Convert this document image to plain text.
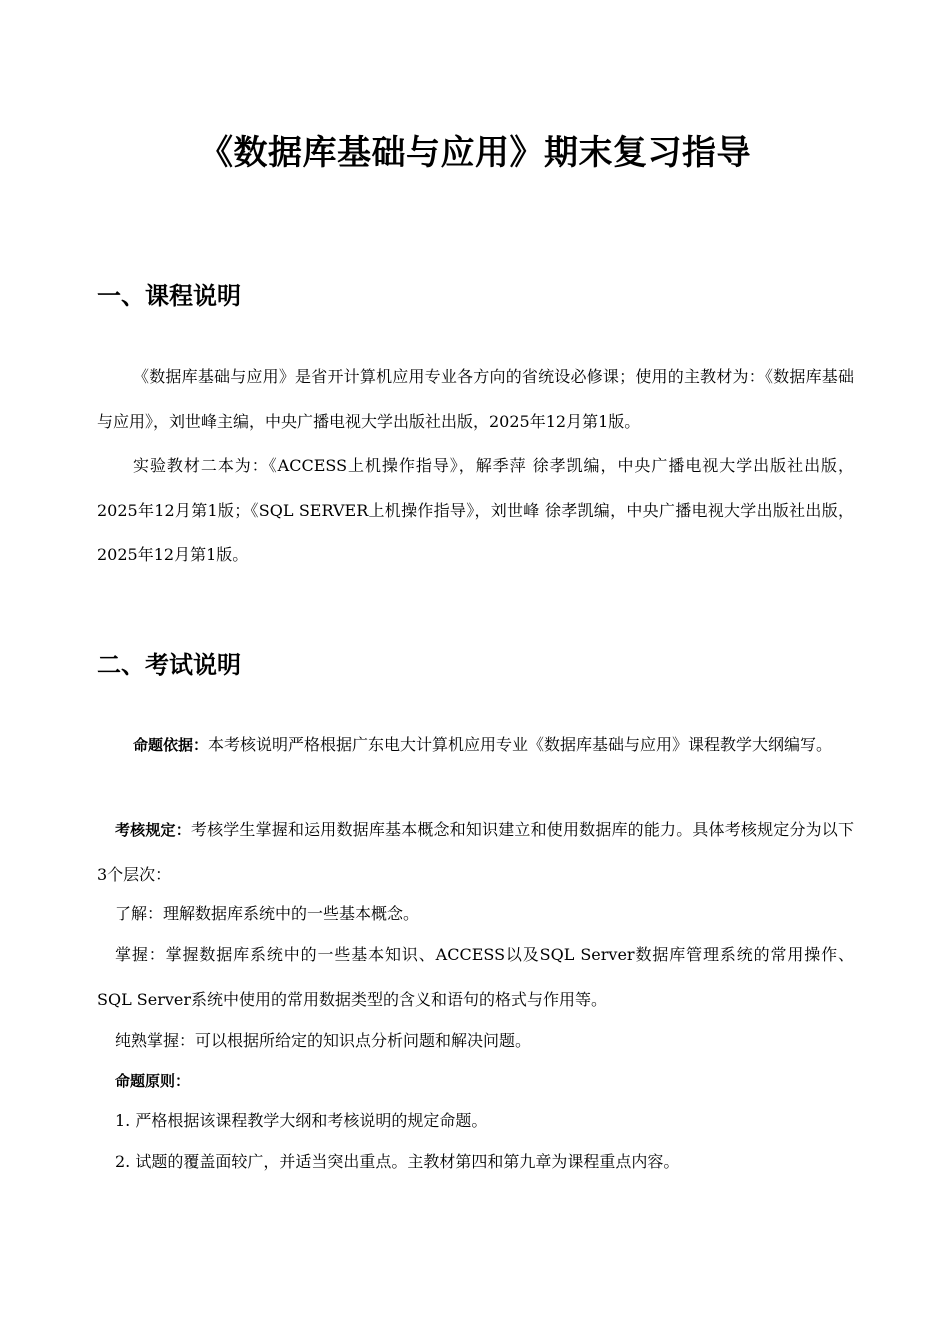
《数据库基础与应用》期末复习指导
一、课程说明

《数据库基础与应用》是省开计算机应用专业各方向的省统设必修课；使用的主教材为：《数据库基础与应用》，刘世峰主编，中央广播电视大学出版社出版，2025年12月第1版。

实验教材二本为：《ACCESS上机操作指导》，解季萍 徐孝凯编，中央广播电视大学出版社出版，2025年12月第1版；《SQL SERVER上机操作指导》，刘世峰 徐孝凯编，中央广播电视大学出版社出版，2025年12月第1版。

二、考试说明

命题依据：本考核说明严格根据广东电大计算机应用专业《数据库基础与应用》课程教学大纲编写。

考核规定：考核学生掌握和运用数据库基本概念和知识建立和使用数据库的能力。具体考核规定分为以下3个层次：

了解：理解数据库系统中的一些基本概念。

掌握：掌握数据库系统中的一些基本知识、ACCESS以及SQL Server数据库管理系统的常用操作、SQL Server系统中使用的常用数据类型的含义和语句的格式与作用等。

纯熟掌握：可以根据所给定的知识点分析问题和解决问题。

命题原则：

1. 严格根据该课程教学大纲和考核说明的规定命题。

2. 试题的覆盖面较广，并适当突出重点。主教材第四和第九章为课程重点内容。
